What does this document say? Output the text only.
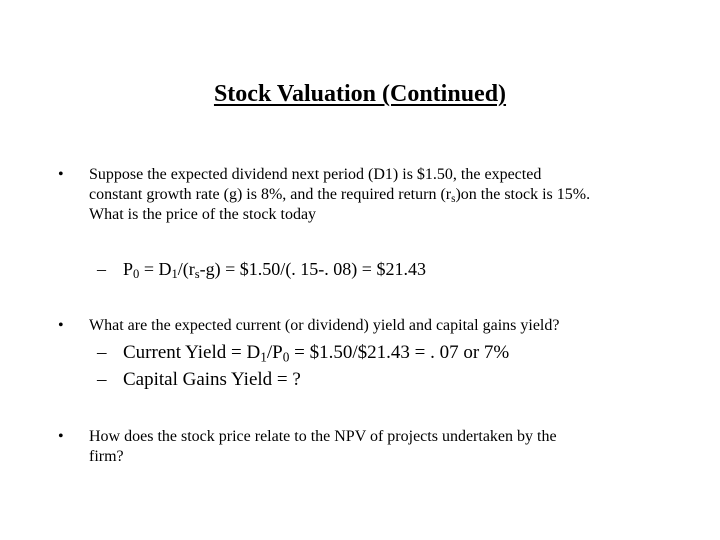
Stock Valuation (Continued)
• Suppose the expected dividend next period (D1) is $1.50, the expected
constant growth rate (g) is 8%, and the required return $(r_s)on$ the stock is 15%.
What is the price of the stock today
– $P_0 = D_1/(r_s-g)$ = $1.50/(. 15-. 08) = $21.43
• What are the expected current (or dividend) yield and capital gains yield?
– Current Yield = $D_1/P_0$ = $1.50/$21.43 = . 07 or 7%
– Capital Gains Yield = ?
• How does the stock price relate to the NPV of projects undertaken by the
firm?
